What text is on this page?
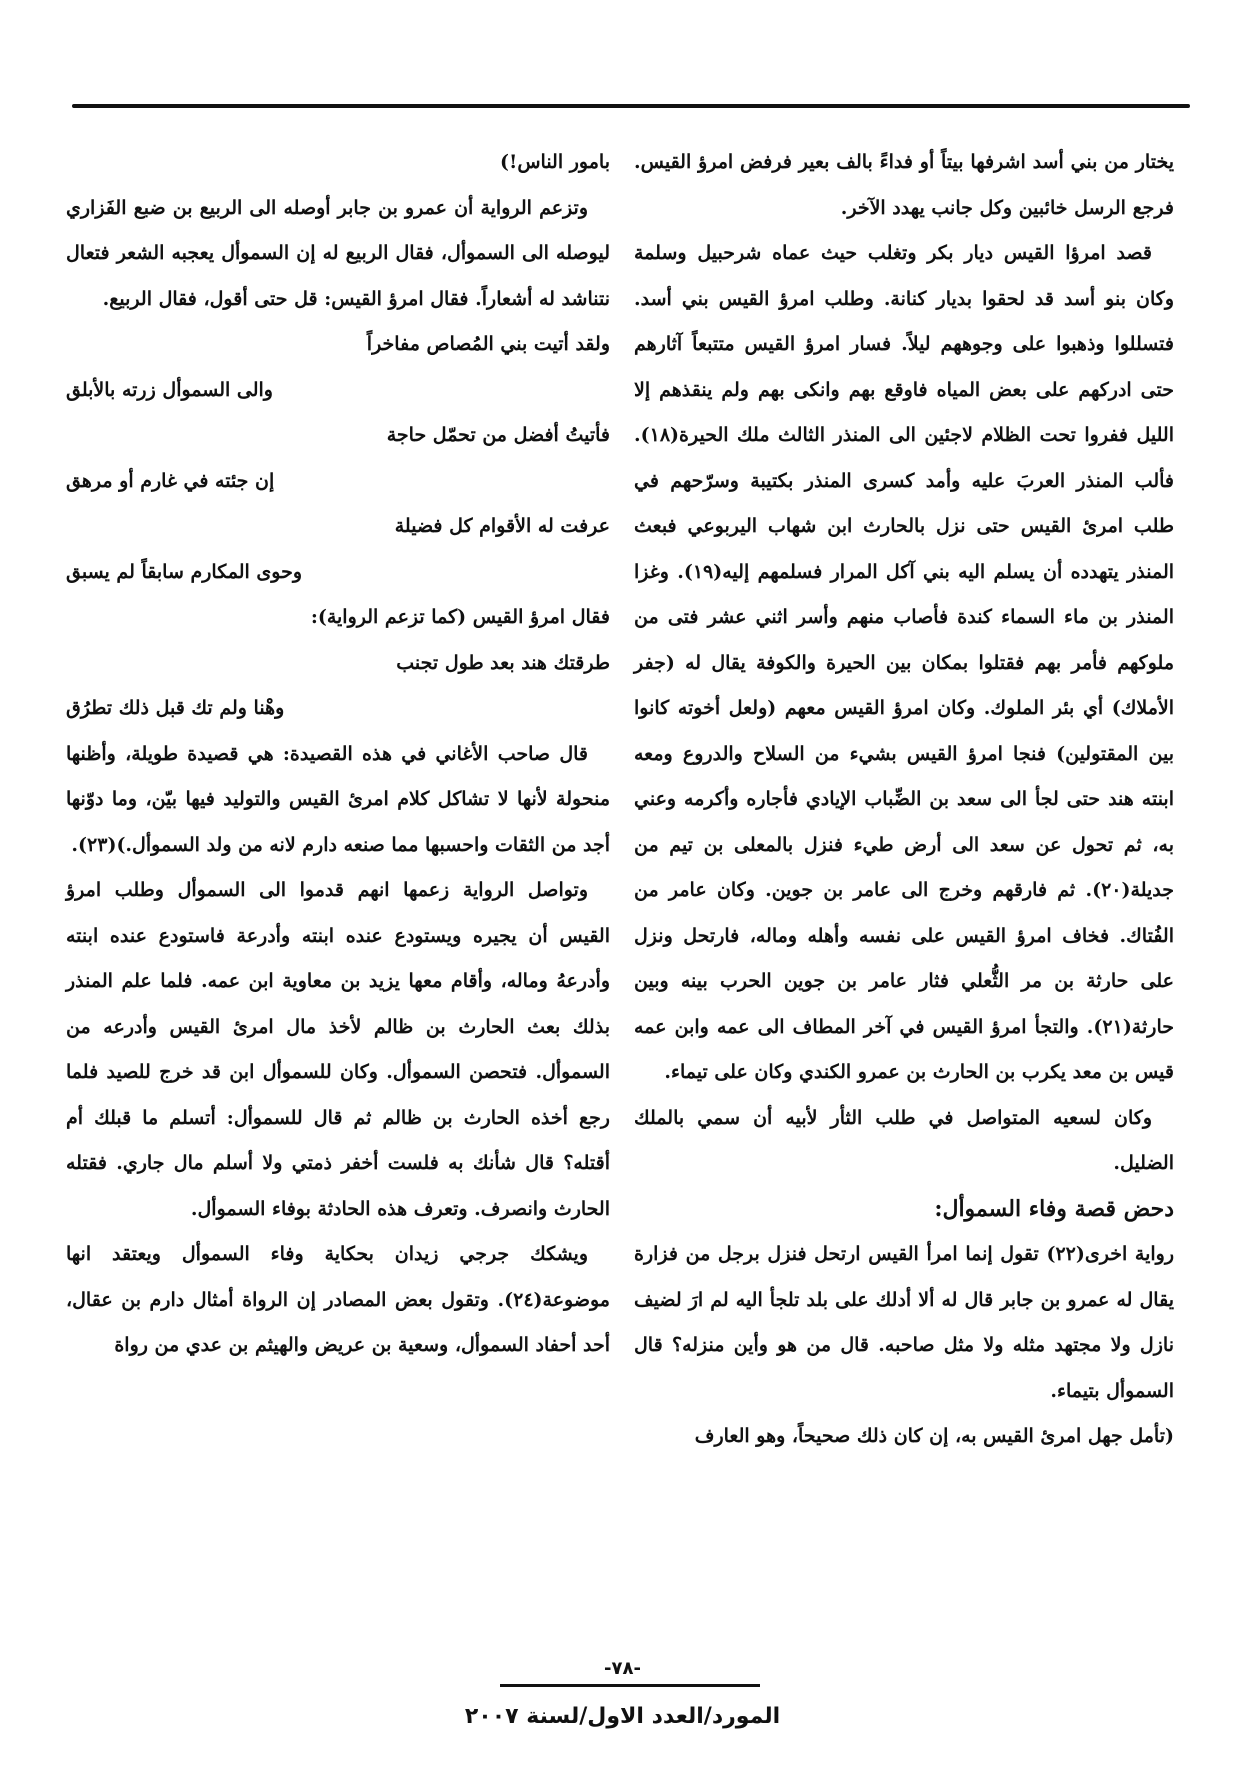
يختار من بني أسد اشرفها بيتاً أو فداءً بالف بعير فرفض امرؤ القيس. فرجع الرسل خائبين وكل جانب يهدد الآخر.

قصد امرؤا القيس ديار بكر وتغلب حيث عماه شرحبيل وسلمة وكان بنو أسد قد لحقوا بديار كنانة. وطلب امرؤ القيس بني أسد. فتسللوا وذهبوا على وجوههم ليلاً. فسار امرؤ القيس متتبعاً آثارهم حتى ادركهم على بعض المياه فاوقع بهم وانكى بهم ولم ينقذهم إلا الليل ففروا تحت الظلام لاجئين الى المنذر الثالث ملك الحيرة(١٨). فألب المنذر العربَ عليه وأمد كسرى المنذر بكتيبة وسرّحهم في طلب امرئ القيس حتى نزل بالحارث ابن شهاب اليربوعي فبعث المنذر يتهدده أن يسلم اليه بني آكل المرار فسلمهم إليه(١٩). وغزا المنذر بن ماء السماء كندة فأصاب منهم وأسر اثني عشر فتى من ملوكهم فأمر بهم فقتلوا بمكان بين الحيرة والكوفة يقال له (جفر الأملاك) أي بئر الملوك. وكان امرؤ القيس معهم (ولعل أخوته كانوا بين المقتولين) فنجا امرؤ القيس بشيء من السلاح والدروع ومعه ابنته هند حتى لجأ الى سعد بن الضِّباب الإيادي فأجاره وأكرمه وعني به، ثم تحول عن سعد الى أرض طيء فنزل بالمعلى بن تيم من جديلة(٢٠). ثم فارقهم وخرج الى عامر بن جوين. وكان عامر من الفُتاك. فخاف امرؤ القيس على نفسه وأهله وماله، فارتحل ونزل على حارثة بن مر الثُّعلي فثار عامر بن جوين الحرب بينه وبين حارثة(٢١). والتجأ امرؤ القيس في آخر المطاف الى عمه وابن عمه قيس بن معد يكرب بن الحارث بن عمرو الكندي وكان على تيماء.

وكان لسعيه المتواصل في طلب الثأر لأبيه أن سمي بالملك الضليل.

دحض قصة وفاء السموأل:

رواية اخرى(٢٢) تقول إنما امرأ القيس ارتحل فنزل برجل من فزارة يقال له عمرو بن جابر قال له ألا أدلك على بلد تلجأ اليه لم ارَ لضيف نازل ولا مجتهد مثله ولا مثل صاحبه. قال من هو وأين منزله؟ قال السموأل بتيماء.

(تأمل جهل امرئ القيس به، إن كان ذلك صحيحاً، وهو العارف

بامور الناس!)

وتزعم الرواية أن عمرو بن جابر أوصله الى الربيع بن ضبع الفَزاري ليوصله الى السموأل، فقال الربيع له إن السموأل يعجبه الشعر فتعال نتناشد له أشعاراً. فقال امرؤ القيس: قل حتى أقول، فقال الربيع.

ولقد أتيت بني المُصاص مفاخراً

والى السموأل زرته بالأبلق

فأتيتُ أفضل من تحمّل حاجة

إن جئته في غارم أو مرهق

عرفت له الأقوام كل فضيلة

وحوى المكارم سابقاً لم يسبق

فقال امرؤ القيس (كما تزعم الرواية):

طرقتك هند بعد طول تجنب

وهْنا ولم تك قبل ذلك تطرُق

قال صاحب الأغاني في هذه القصيدة: هي قصيدة طويلة، وأظنها منحولة لأنها لا تشاكل كلام امرئ القيس والتوليد فيها بيّن، وما دوّنها أجد من الثقات واحسبها مما صنعه دارم لانه من ولد السموأل.)(٢٣).

وتواصل الرواية زعمها انهم قدموا الى السموأل وطلب امرؤ القيس أن يجيره ويستودع عنده ابنته وأدرعة فاستودع عنده ابنته وأدرعهُ وماله، وأقام معها يزيد بن معاوية ابن عمه. فلما علم المنذر بذلك بعث الحارث بن ظالم لأخذ مال امرئ القيس وأدرعه من السموأل. فتحصن السموأل. وكان للسموأل ابن قد خرج للصيد فلما رجع أخذه الحارث بن ظالم ثم قال للسموأل: أتسلم ما قبلك أم أقتله؟ قال شأنك به فلست أخفر ذمتي ولا أسلم مال جاري. فقتله الحارث وانصرف. وتعرف هذه الحادثة بوفاء السموأل.

ويشكك جرجي زيدان بحكاية وفاء السموأل ويعتقد انها موضوعة(٢٤). وتقول بعض المصادر إن الرواة أمثال دارم بن عقال، أحد أحفاد السموأل، وسعية بن عريض والهيثم بن عدي من رواة

-٧٨-
المورد/العدد الاول/لسنة ٢٠٠٧
